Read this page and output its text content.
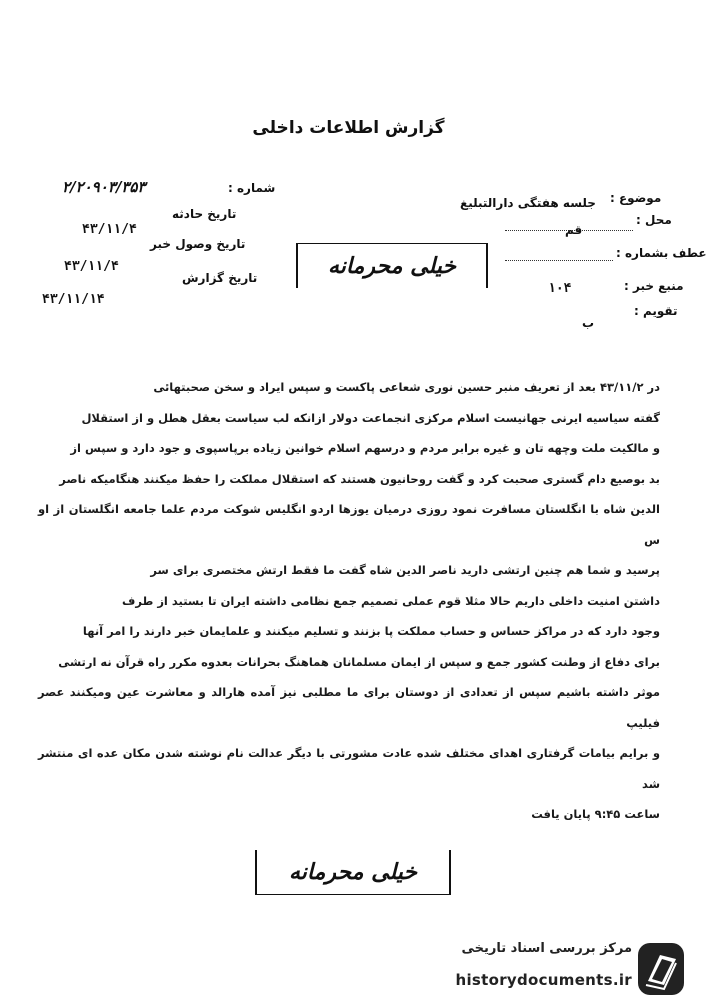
گزارش اطلاعات داخلی
شماره :
۲/۲۰۹۰۳/۳۵۳
تاریخ حادثه
۴۳/۱۱/۴
تاریخ وصول خبر
۴۳/۱۱/۴
تاریخ گزارش
۴۳/۱۱/۱۴
خیلی محرمانه
موضوع :
جلسه هفتگی دارالتبلیغ
محل :
قم
عطف بشماره :
منبع خبر :
۱۰۴
تقویم :
ب

در ۴۳/۱۱/۲ بعد از تعریف منبر حسین نوری شعاعی پاکست و سپس ایراد و سخن صحبتهائی

گفته سیاسیه ایرنی جهانیست اسلام مرکزی انجماعت دولار ازانکه لب سیاست بعقل هطل و از استقلال

و مالکیت ملت وچهه تان و غیره برابر مردم و درسهم اسلام خوانین زیاده برپاسپوی و جود دارد و سپس از

بد بوصیع دام گستری صحبت کرد و گفت روحانیون هستند که استقلال مملکت را حفظ میکنند هنگامیکه ناصر

الدین شاه با انگلستان مسافرت نمود روزی درمیان یوزها اردو انگلیس شوکت مردم علما جامعه انگلستان از او س

پرسید و شما هم چنین ارتشی دارید ناصر الدین شاه گفت ما فقط ارتش مختصری برای سر

داشتن امنیت داخلی داریم حالا مثلا قوم عملی تصمیم جمع نظامی داشته ایران تا بستید از طرف

وجود دارد که در مراکز حساس و حساب مملکت پا بزنند و تسلیم میکنند و علمایمان خبر دارند را امر آنها

برای دفاع از وطنت کشور جمع و سپس از ایمان مسلمانان هماهنگ بحرانات بعدوه مکرر راه قرآن نه ارتشی

موثر داشته باشیم سپس از تعدادی از دوستان برای ما مطلبی نیز آمده هارالد و معاشرت عین ومیکنند عصر فیلیپ

و برایم بیامات گرفتاری اهدای مختلف شده عادت مشورتی با دیگر عدالت نام نوشته شدن مکان عده ای منتشر شد

ساعت ۹:۴۵ پایان یافت

خیلی محرمانه
مرکز بررسی اسناد تاریخی
historydocuments.ir
